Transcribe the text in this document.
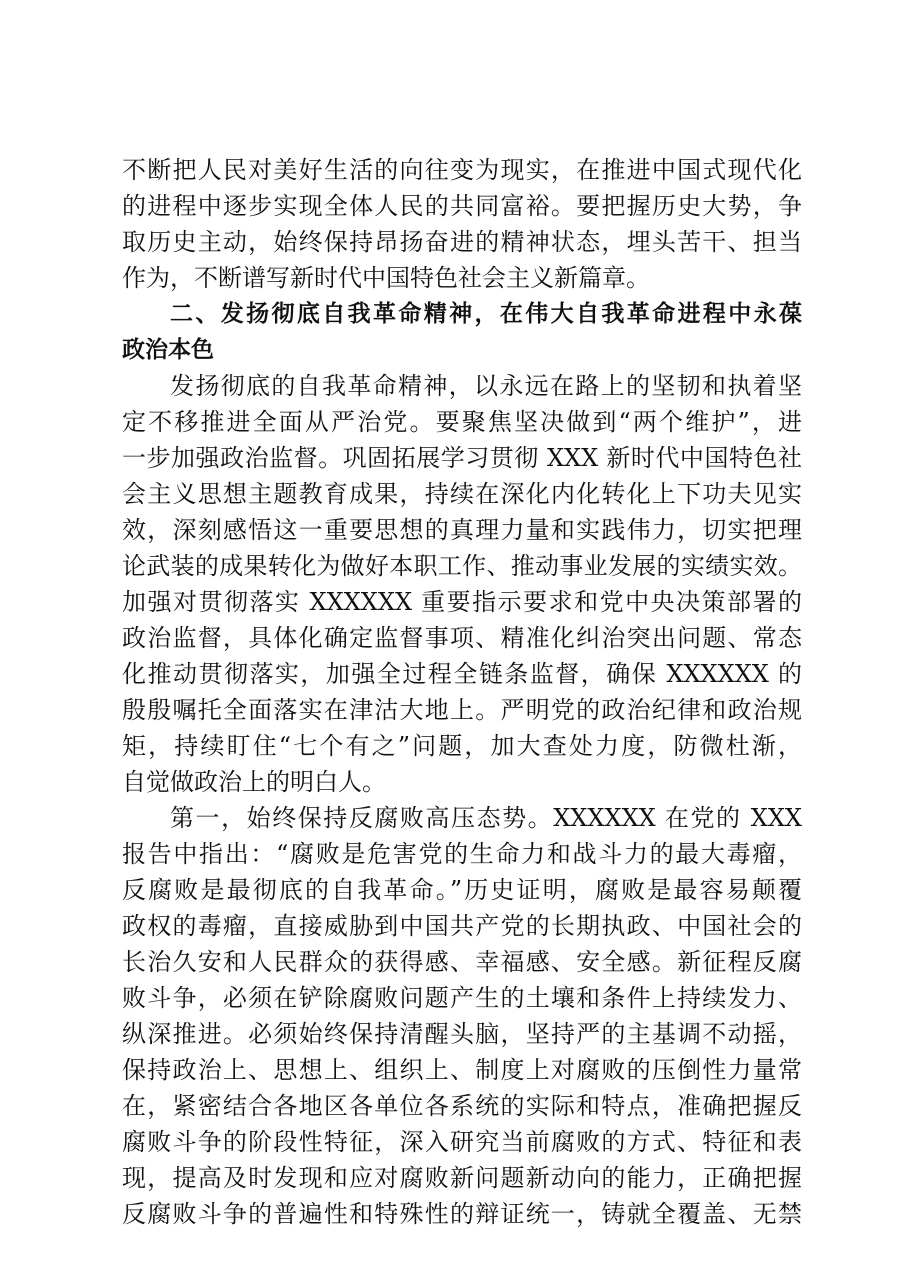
不断把人民对美好生活的向往变为现实，在推进中国式现代化
的进程中逐步实现全体人民的共同富裕。要把握历史大势，争
取历史主动，始终保持昂扬奋进的精神状态，埋头苦干、担当
作为，不断谱写新时代中国特色社会主义新篇章。
二、发扬彻底自我革命精神，在伟大自我革命进程中永葆
政治本色
发扬彻底的自我革命精神，以永远在路上的坚韧和执着坚
定不移推进全面从严治党。要聚焦坚决做到“两个维护”，进
一步加强政治监督。巩固拓展学习贯彻 XXX 新时代中国特色社
会主义思想主题教育成果，持续在深化内化转化上下功夫见实
效，深刻感悟这一重要思想的真理力量和实践伟力，切实把理
论武装的成果转化为做好本职工作、推动事业发展的实绩实效。
加强对贯彻落实 XXXXXX 重要指示要求和党中央决策部署的
政治监督，具体化确定监督事项、精准化纠治突出问题、常态
化推动贯彻落实，加强全过程全链条监督，确保 XXXXXX 的
殷殷嘱托全面落实在津沽大地上。严明党的政治纪律和政治规
矩，持续盯住“七个有之”问题，加大查处力度，防微杜渐，
自觉做政治上的明白人。
第一，始终保持反腐败高压态势。XXXXXX 在党的 XXX
报告中指出：“腐败是危害党的生命力和战斗力的最大毒瘤，
反腐败是最彻底的自我革命。”历史证明，腐败是最容易颠覆
政权的毒瘤，直接威胁到中国共产党的长期执政、中国社会的
长治久安和人民群众的获得感、幸福感、安全感。新征程反腐
败斗争，必须在铲除腐败问题产生的土壤和条件上持续发力、
纵深推进。必须始终保持清醒头脑，坚持严的主基调不动摇，
保持政治上、思想上、组织上、制度上对腐败的压倒性力量常
在，紧密结合各地区各单位各系统的实际和特点，准确把握反
腐败斗争的阶段性特征，深入研究当前腐败的方式、特征和表
现，提高及时发现和应对腐败新问题新动向的能力，正确把握
反腐败斗争的普遍性和特殊性的辩证统一，铸就全覆盖、无禁
